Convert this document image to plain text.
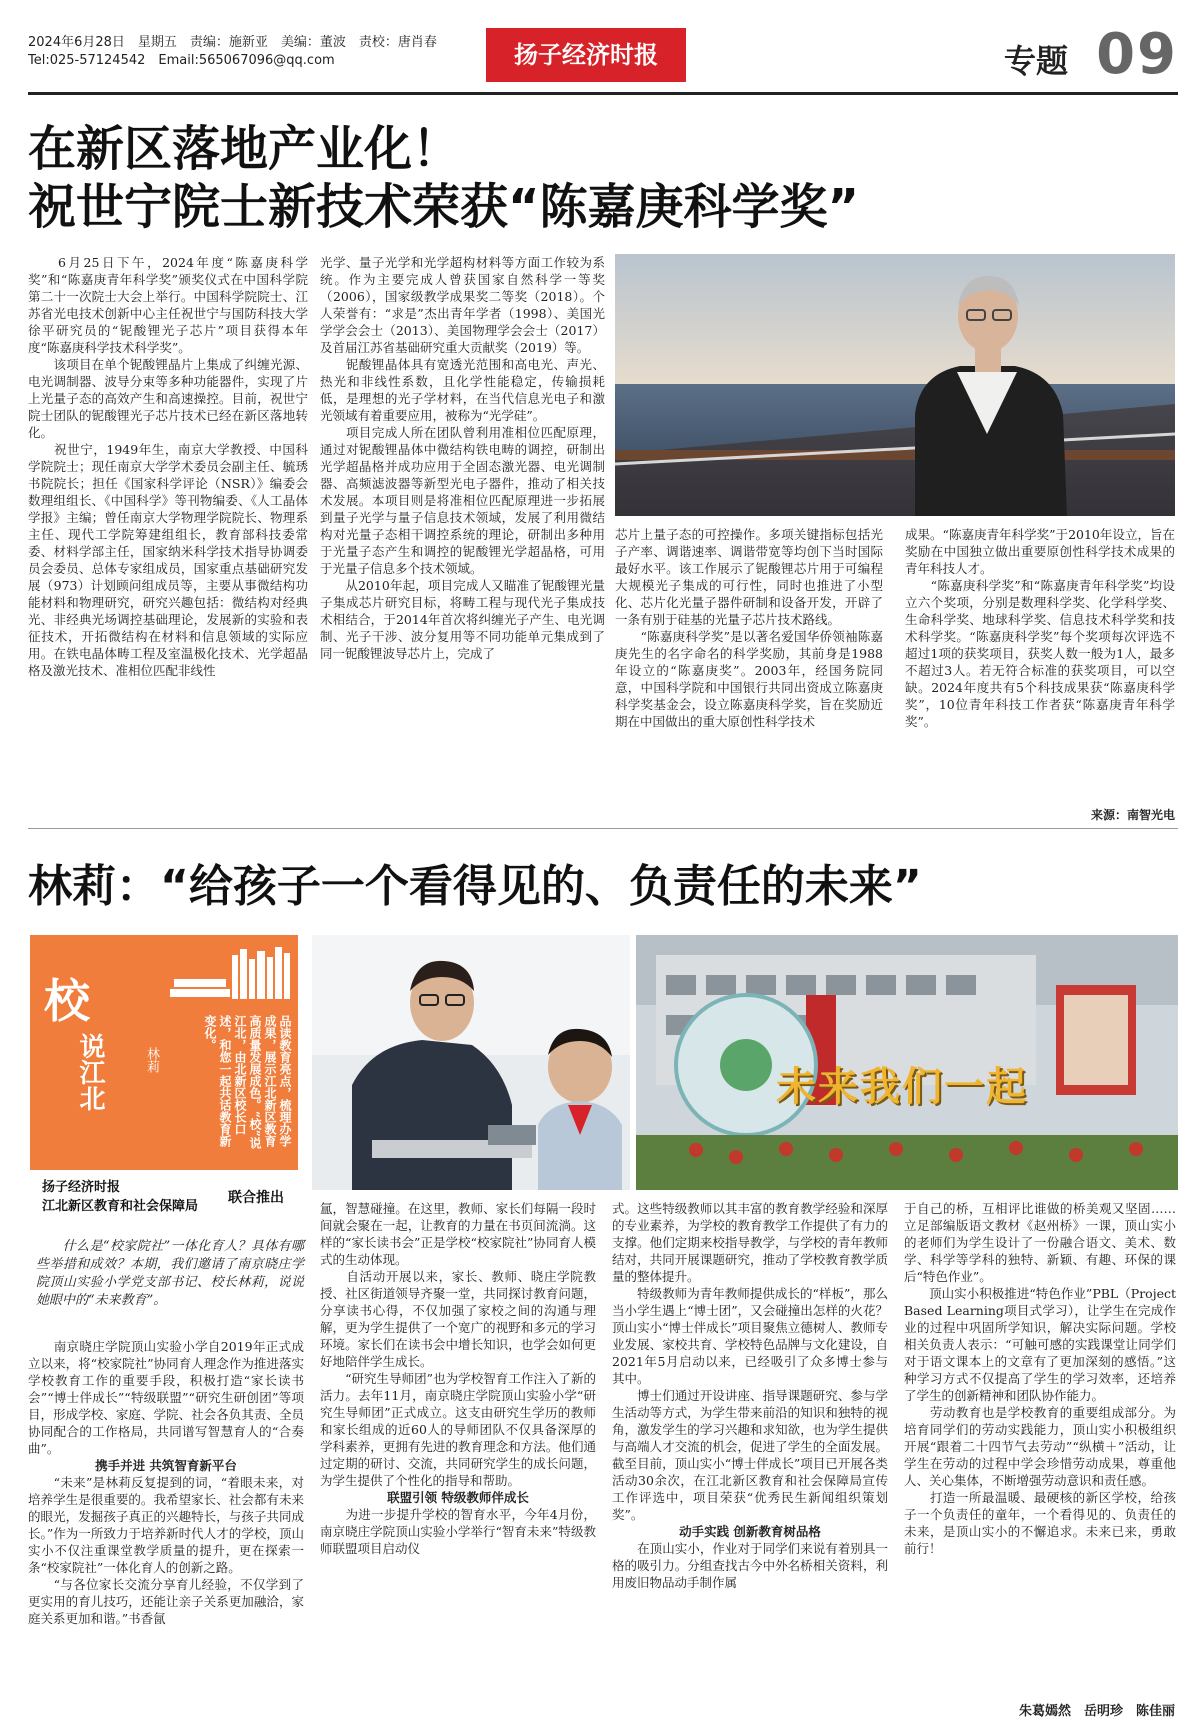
2024年6月28日　星期五　责编：施新亚　美编：董波　责校：唐肖春
Tel:025-57124542　Email:565067096@qq.com	扬子经济时报	专题 09
在新区落地产业化！
祝世宁院士新技术荣获“陈嘉庚科学奖”
　　6月25日下午，2024年度“陈嘉庚科学奖”和“陈嘉庚青年科学奖”颁奖仪式在中国科学院第二十一次院士大会上举行。中国科学院院士、江苏省光电技术创新中心主任祝世宁与国防科技大学徐平研究员的“铌酸锂光子芯片”项目获得本年度“陈嘉庚科学技术科学奖”。
　　该项目在单个铌酸锂晶片上集成了纠缠光源、电光调制器、波导分束等多种功能器件，实现了片上光量子态的高效产生和高速操控。目前，祝世宁院士团队的铌酸锂光子芯片技术已经在新区落地转化。
　　祝世宁，1949年生，南京大学教授、中国科学院院士；现任南京大学学术委员会副主任、毓琇书院院长；担任《国家科学评论（NSR）》编委会数理组组长、《中国科学》等刊物编委、《人工晶体学报》主编；曾任南京大学物理学院院长、物理系主任、现代工学院筹建组组长，教育部科技委常委、材料学部主任，国家纳米科学技术指导协调委员会委员、总体专家组成员，国家重点基础研究发展（973）计划顾问组成员等，主要从事微结构功能材料和物理研究，研究兴趣包括：微结构对经典光、非经典光场调控基础理论，发展新的实验和表征技术，开拓微结构在材料和信息领域的实际应用。在铁电晶体畴工程及室温极化技术、光学超晶格及激光技术、准相位匹配非线性
光学、量子光学和光学超构材料等方面工作较为系统。作为主要完成人曾获国家自然科学一等奖（2006），国家级教学成果奖二等奖（2018）。个人荣誉有：“求是”杰出青年学者（1998）、美国光学学会会士（2013）、美国物理学会会士（2017）及首届江苏省基础研究重大贡献奖（2019）等。
　　铌酸锂晶体具有宽透光范围和高电光、声光、热光和非线性系数，且化学性能稳定，传输损耗低，是理想的光子学材料，在当代信息光电子和激光领域有着重要应用，被称为“光学硅”。
　　项目完成人所在团队曾利用准相位匹配原理，通过对铌酸锂晶体中微结构铁电畴的调控，研制出光学超晶格并成功应用于全固态激光器、电光调制器、高频滤波器等新型光电子器件，推动了相关技术发展。本项目则是将准相位匹配原理进一步拓展到量子光学与量子信息技术领域，发展了利用微结构对光量子态相干调控系统的理论，研制出多种用于光量子态产生和调控的铌酸锂光学超晶格，可用于光量子信息多个技术领域。
　　从2010年起，项目完成人又瞄准了铌酸锂光量子集成芯片研究目标，将畴工程与现代光子集成技术相结合，于2014年首次将纠缠光子产生、电光调制、光子干涉、波分复用等不同功能单元集成到了同一铌酸锂波导芯片上，完成了
芯片上量子态的可控操作。多项关键指标包括光子产率、调谐速率、调谐带宽等均创下当时国际最好水平。该工作展示了铌酸锂芯片用于可编程大规模光子集成的可行性，同时也推进了小型化、芯片化光量子器件研制和设备开发，开辟了一条有别于硅基的光量子芯片技术路线。
　　“陈嘉庚科学奖”是以著名爱国华侨领袖陈嘉庚先生的名字命名的科学奖励，其前身是1988年设立的“陈嘉庚奖”。2003年，经国务院同意，中国科学院和中国银行共同出资成立陈嘉庚科学奖基金会，设立陈嘉庚科学奖，旨在奖励近期在中国做出的重大原创性科学技术
成果。“陈嘉庚青年科学奖”于2010年设立，旨在奖励在中国独立做出重要原创性科学技术成果的青年科技人才。
　　“陈嘉庚科学奖”和“陈嘉庚青年科学奖”均设立六个奖项，分别是数理科学奖、化学科学奖、生命科学奖、地球科学奖、信息技术科学奖和技术科学奖。“陈嘉庚科学奖”每个奖项每次评选不超过1项的获奖项目，获奖人数一般为1人，最多不超过3人。若无符合标准的获奖项目，可以空缺。2024年度共有5个科技成果获“陈嘉庚科学奖”，10位青年科技工作者获“陈嘉庚青年科学奖”。
来源：南智光电
林莉：“给孩子一个看得见的、负责任的未来”
校
说江北	林莉	品读教育亮点，梳理办学成果，展示江北新区教育高质量发展成色。“校”说江北，由北新区校长口述，和您一起共话教育新变化。
扬子经济时报
江北新区教育和社会保障局
联合推出
未来我们一起
　　什么是“校家院社”一体化育人？具体有哪些举措和成效？本期，我们邀请了南京晓庄学院顶山实验小学党支部书记、校长林莉，说说她眼中的“未来教育”。
　　南京晓庄学院顶山实验小学自2019年正式成立以来，将“校家院社”协同育人理念作为推进落实学校教育工作的重要手段，积极打造“家长读书会”“博士伴成长”“特级联盟”“研究生研创团”等项目，形成学校、家庭、学院、社会各负其责、全员协同配合的工作格局，共同谱写智慧育人的“合奏曲”。
携手并进 共筑智育新平台
　　“未来”是林莉反复提到的词，“着眼未来，对培养学生是很重要的。我希望家长、社会都有未来的眼光，发掘孩子真正的兴趣特长，与孩子共同成长。”作为一所致力于培养新时代人才的学校，顶山实小不仅注重课堂教学质量的提升，更在探索一条“校家院社”一体化育人的创新之路。
　　“与各位家长交流分享育儿经验，不仅学到了更实用的育儿技巧，还能让亲子关系更加融洽，家庭关系更加和谐。”书香氤
氲，智慧碰撞。在这里，教师、家长们每隔一段时间就会聚在一起，让教育的力量在书页间流淌。这样的“家长读书会”正是学校“校家院社”协同育人模式的生动体现。
　　自活动开展以来，家长、教师、晓庄学院教授、社区街道领导齐聚一堂，共同探讨教育问题，分享读书心得，不仅加强了家校之间的沟通与理解，更为学生提供了一个宽广的视野和多元的学习环境。家长们在读书会中增长知识，也学会如何更好地陪伴学生成长。
　　“研究生导师团”也为学校智育工作注入了新的活力。去年11月，南京晓庄学院顶山实验小学“研究生导师团”正式成立。这支由研究生学历的教师和家长组成的近60人的导师团队不仅具备深厚的学科素养，更拥有先进的教育理念和方法。他们通过定期的研讨、交流，共同研究学生的成长问题，为学生提供了个性化的指导和帮助。
联盟引领 特级教师伴成长
　　为进一步提升学校的智育水平，今年4月份，南京晓庄学院顶山实验小学举行“智育未来”特级教师联盟项目启动仪
式。这些特级教师以其丰富的教育教学经验和深厚的专业素养，为学校的教育教学工作提供了有力的支撑。他们定期来校指导教学，与学校的青年教师结对，共同开展课题研究，推动了学校教育教学质量的整体提升。
　　特级教师为青年教师提供成长的“样板”，那么当小学生遇上“博士团”，又会碰撞出怎样的火花？顶山实小“博士伴成长”项目聚焦立德树人、教师专业发展、家校共育、学校特色品牌与文化建设，自2021年5月启动以来，已经吸引了众多博士参与其中。
　　博士们通过开设讲座、指导课题研究、参与学生活动等方式，为学生带来前沿的知识和独特的视角，激发学生的学习兴趣和求知欲，也为学生提供与高端人才交流的机会，促进了学生的全面发展。截至目前，顶山实小“博士伴成长”项目已开展各类活动30余次，在江北新区教育和社会保障局宣传工作评选中，项目荣获“优秀民生新闻组织策划奖”。
动手实践 创新教育树品格
　　在顶山实小，作业对于同学们来说有着别具一格的吸引力。分组查找古今中外名桥相关资料，利用废旧物品动手制作属
于自己的桥，互相评比谁做的桥美观又坚固……立足部编版语文教材《赵州桥》一课，顶山实小的老师们为学生设计了一份融合语文、美术、数学、科学等学科的独特、新颖、有趣、环保的课后“特色作业”。
　　顶山实小积极推进“特色作业”PBL（Project Based Learning项目式学习），让学生在完成作业的过程中巩固所学知识，解决实际问题。学校相关负责人表示：“可触可感的实践课堂让同学们对于语文课本上的文章有了更加深刻的感悟。”这种学习方式不仅提高了学生的学习效率，还培养了学生的创新精神和团队协作能力。
　　劳动教育也是学校教育的重要组成部分。为培育同学们的劳动实践能力，顶山实小积极组织开展“跟着二十四节气去劳动”“纵横＋”活动，让学生在劳动的过程中学会珍惜劳动成果，尊重他人、关心集体，不断增强劳动意识和责任感。
　　打造一所最温暖、最硬核的新区学校，给孩子一个负责任的童年，一个看得见的、负责任的未来，是顶山实小的不懈追求。未来已来，勇敢前行！
朱葛嫣然　岳明珍　陈佳丽
